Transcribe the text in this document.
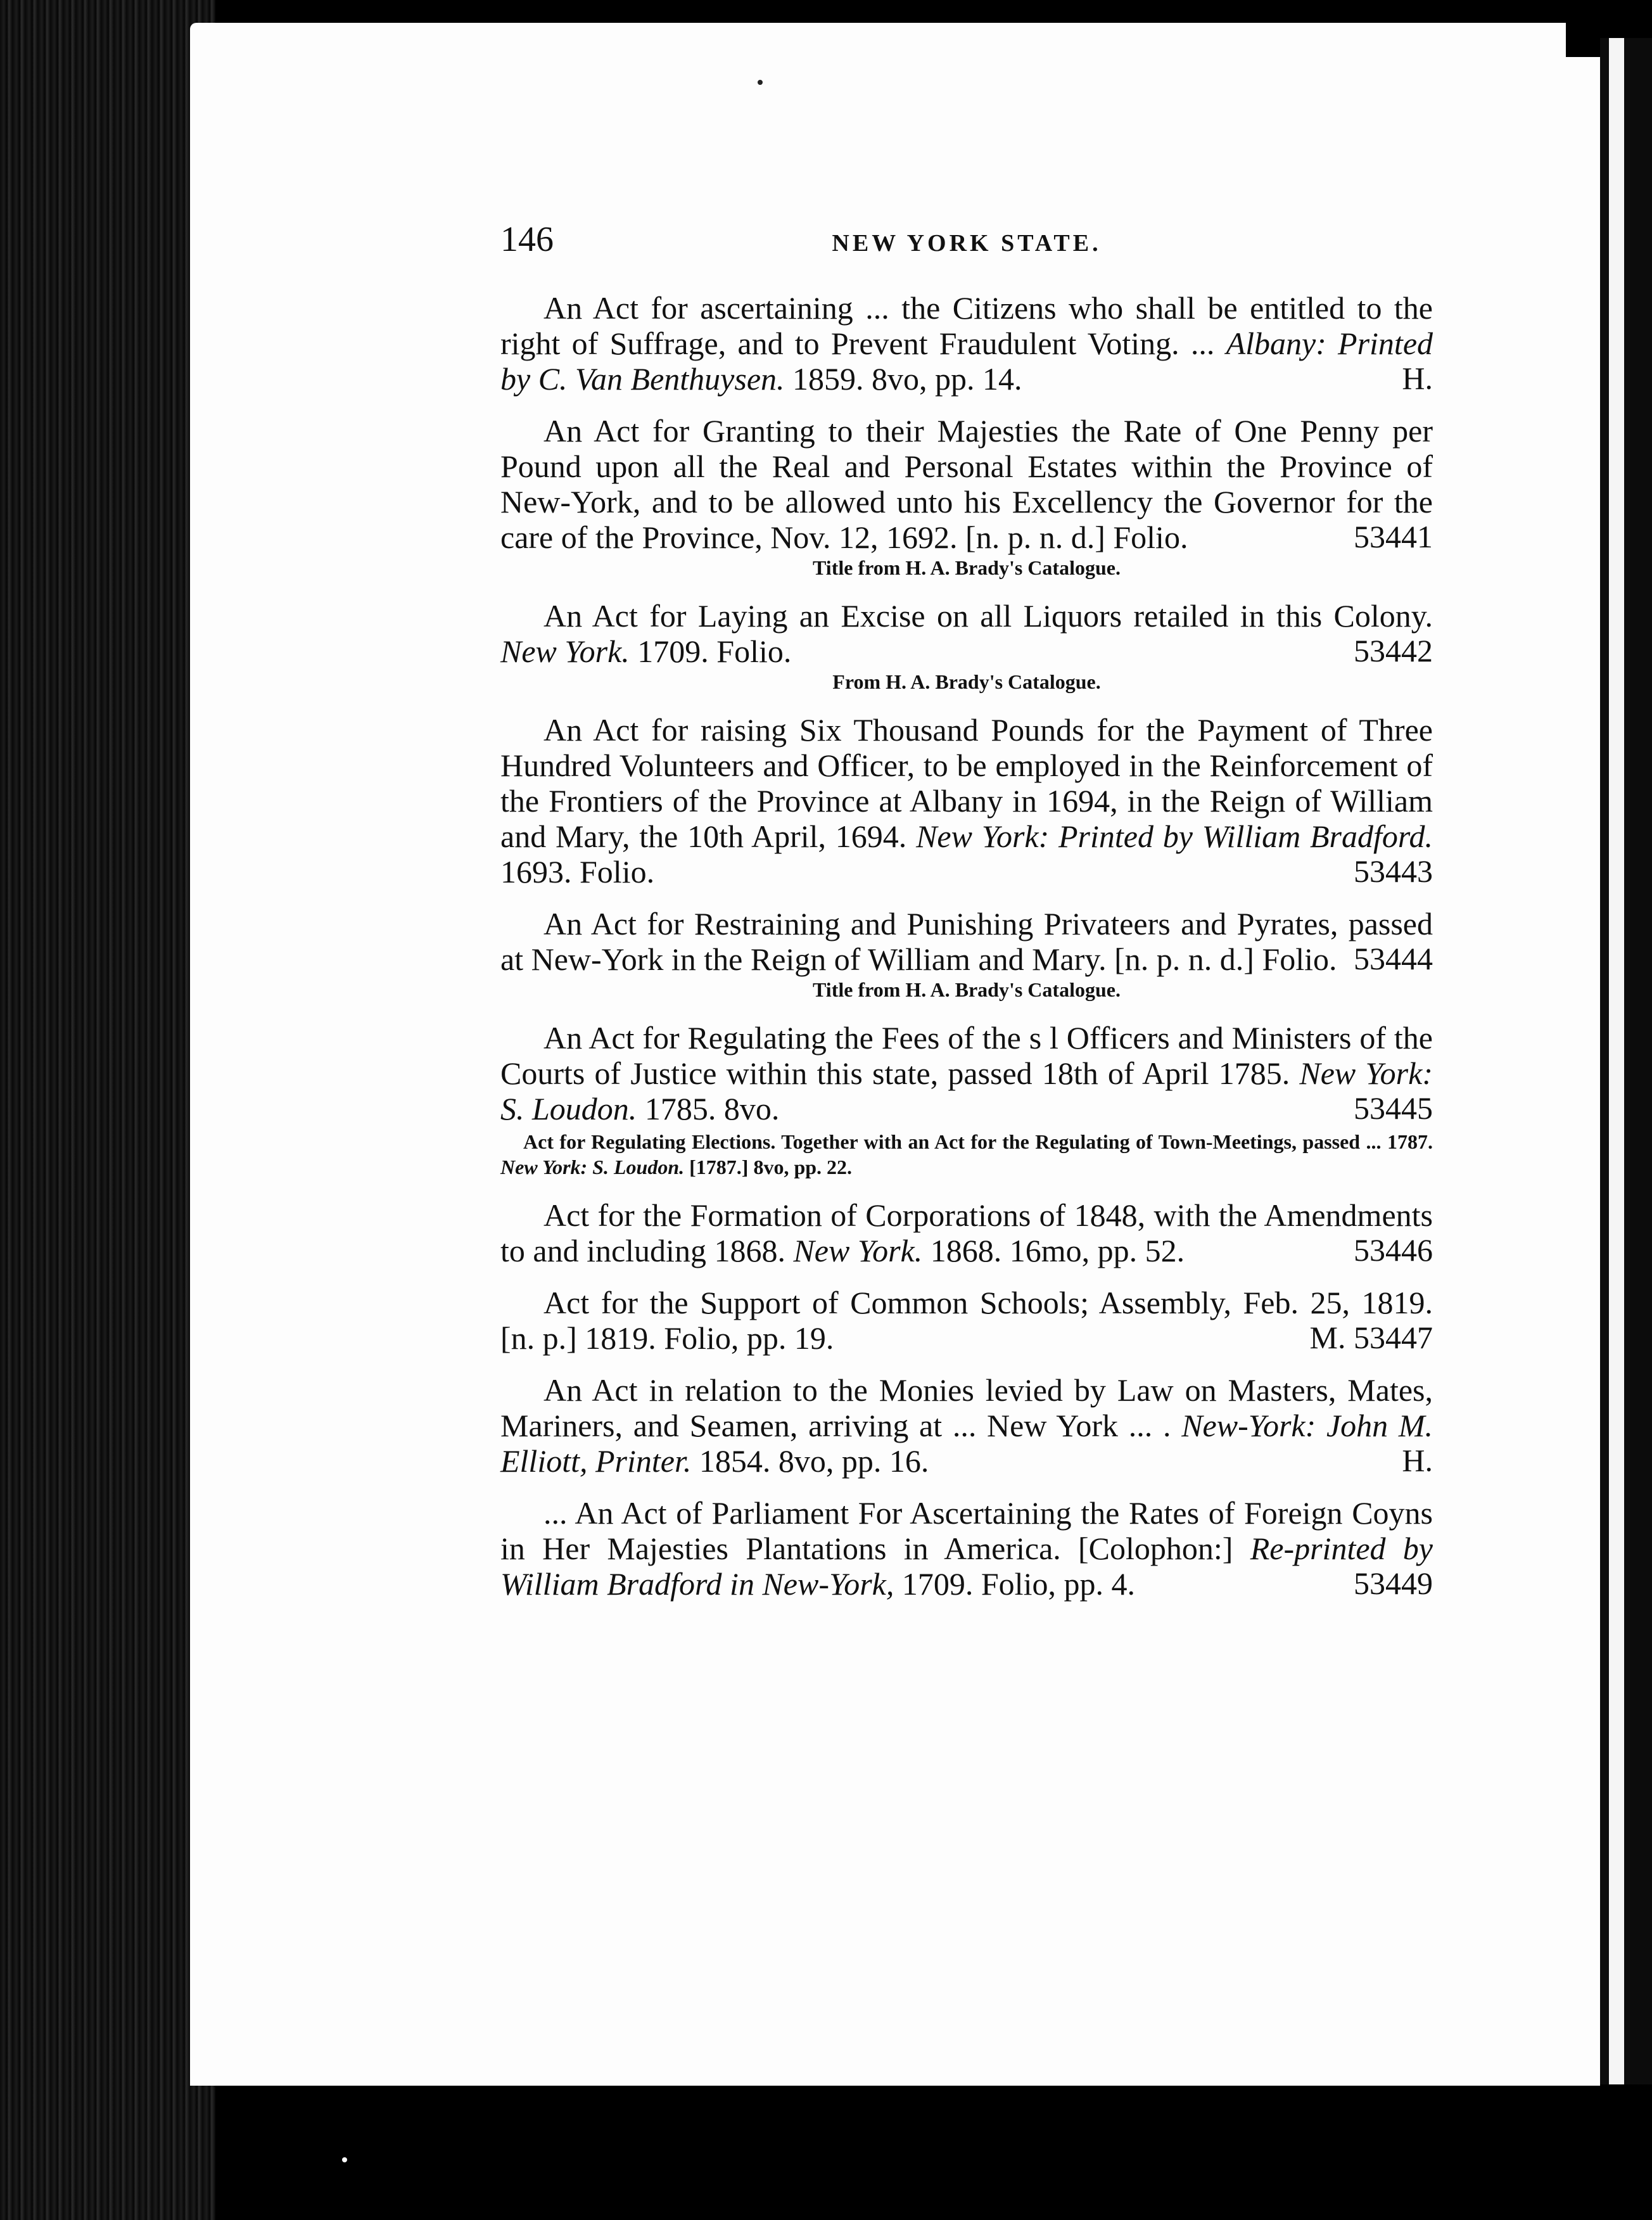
146	NEW YORK STATE.

An Act for ascertaining ... the Citizens who shall be entitled to the right of Suffrage, and to Prevent Fraudulent Voting. ... Albany: Printed by C. Van Benthuysen. 1859. 8vo, pp. 14.	H.

An Act for Granting to their Majesties the Rate of One Penny per Pound upon all the Real and Personal Estates within the Province of New-York, and to be allowed unto his Excellency the Governor for the care of the Province, Nov. 12, 1692. [n. p. n. d.] Folio.	53441
Title from H. A. Brady's Catalogue.

An Act for Laying an Excise on all Liquors retailed in this Colony. New York. 1709. Folio.	53442
From H. A. Brady's Catalogue.

An Act for raising Six Thousand Pounds for the Payment of Three Hundred Volunteers and Officer, to be employed in the Reinforcement of the Frontiers of the Province at Albany in 1694, in the Reign of William and Mary, the 10th April, 1694. New York: Printed by William Bradford. 1693. Folio.	53443

An Act for Restraining and Punishing Privateers and Pyrates, passed at New-York in the Reign of William and Mary. [n. p. n. d.] Folio. 53444
Title from H. A. Brady's Catalogue.

An Act for Regulating the Fees of the s l Officers and Ministers of the Courts of Justice within this state, passed 18th of April 1785. New York: S. Loudon. 1785. 8vo.	53445
Act for Regulating Elections. Together with an Act for the Regulating of Town-Meetings, passed ... 1787. New York: S. Loudon. [1787.] 8vo, pp. 22.

Act for the Formation of Corporations of 1848, with the Amendments to and including 1868. New York. 1868. 16mo, pp. 52.	53446

Act for the Support of Common Schools; Assembly, Feb. 25, 1819. [n. p.] 1819. Folio, pp. 19.	M. 53447

An Act in relation to the Monies levied by Law on Masters, Mates, Mariners, and Seamen, arriving at ... New York ... . New-York: John M. Elliott, Printer. 1854. 8vo, pp. 16.	H.

... An Act of Parliament For Ascertaining the Rates of Foreign Coyns in Her Majesties Plantations in America. [Colophon:] Re-printed by William Bradford in New-York, 1709. Folio, pp. 4.	53449
